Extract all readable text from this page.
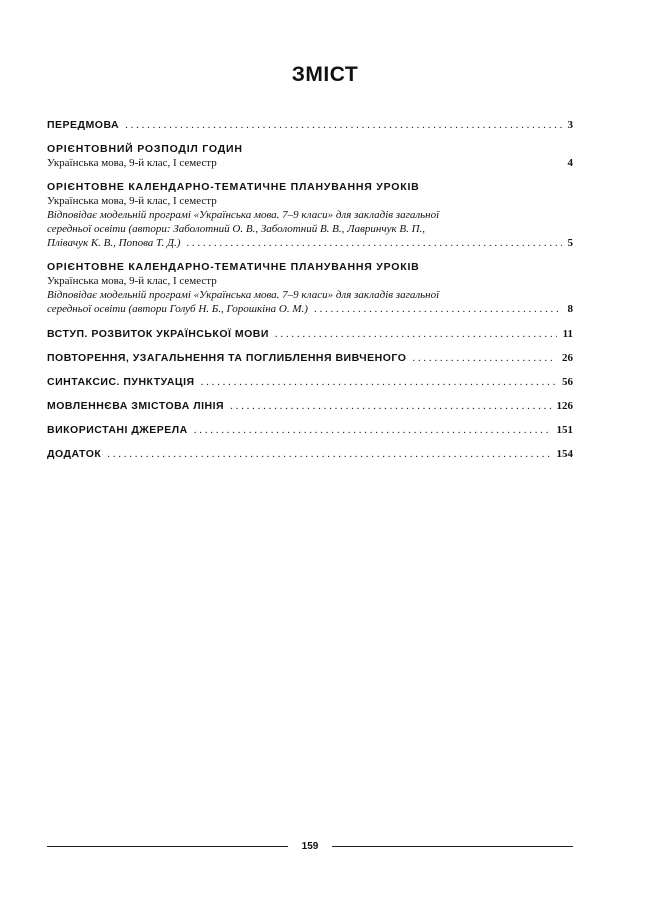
ЗМІСТ
ПЕРЕДМОВА . . .	3
ОРІЄНТОВНИЙ РОЗПОДІЛ ГОДИН
Українська мова, 9-й клас, І семестр	4
ОРІЄНТОВНЕ КАЛЕНДАРНО-ТЕМАТИЧНЕ ПЛАНУВАННЯ УРОКІВ
Українська мова, 9-й клас, І семестр
Відповідає модельній програмі «Українська мова. 7–9 класи» для закладів загальної
середньої освіти (автори: Заболотний О. В., Заболотний В. В., Лавринчук В. П.,
Плівачук К. В., Попова Т. Д.) . . .	5
ОРІЄНТОВНЕ КАЛЕНДАРНО-ТЕМАТИЧНЕ ПЛАНУВАННЯ УРОКІВ
Українська мова, 9-й клас, І семестр
Відповідає модельній програмі «Українська мова. 7–9 класи» для закладів загальної
середньої освіти (автори Голуб Н. Б., Горошкіна О. М.) . . .	8
ВСТУП. РОЗВИТОК УКРАЇНСЬКОЇ МОВИ . . .	11
ПОВТОРЕННЯ, УЗАГАЛЬНЕННЯ ТА ПОГЛИБЛЕННЯ ВИВЧЕНОГО . . .	26
СИНТАКСИС. ПУНКТУАЦІЯ . . .	56
МОВЛЕННЄВА ЗМІСТОВА ЛІНІЯ . . .	126
ВИКОРИСТАНІ ДЖЕРЕЛА . . .	151
ДОДАТОК . . .	154
159
